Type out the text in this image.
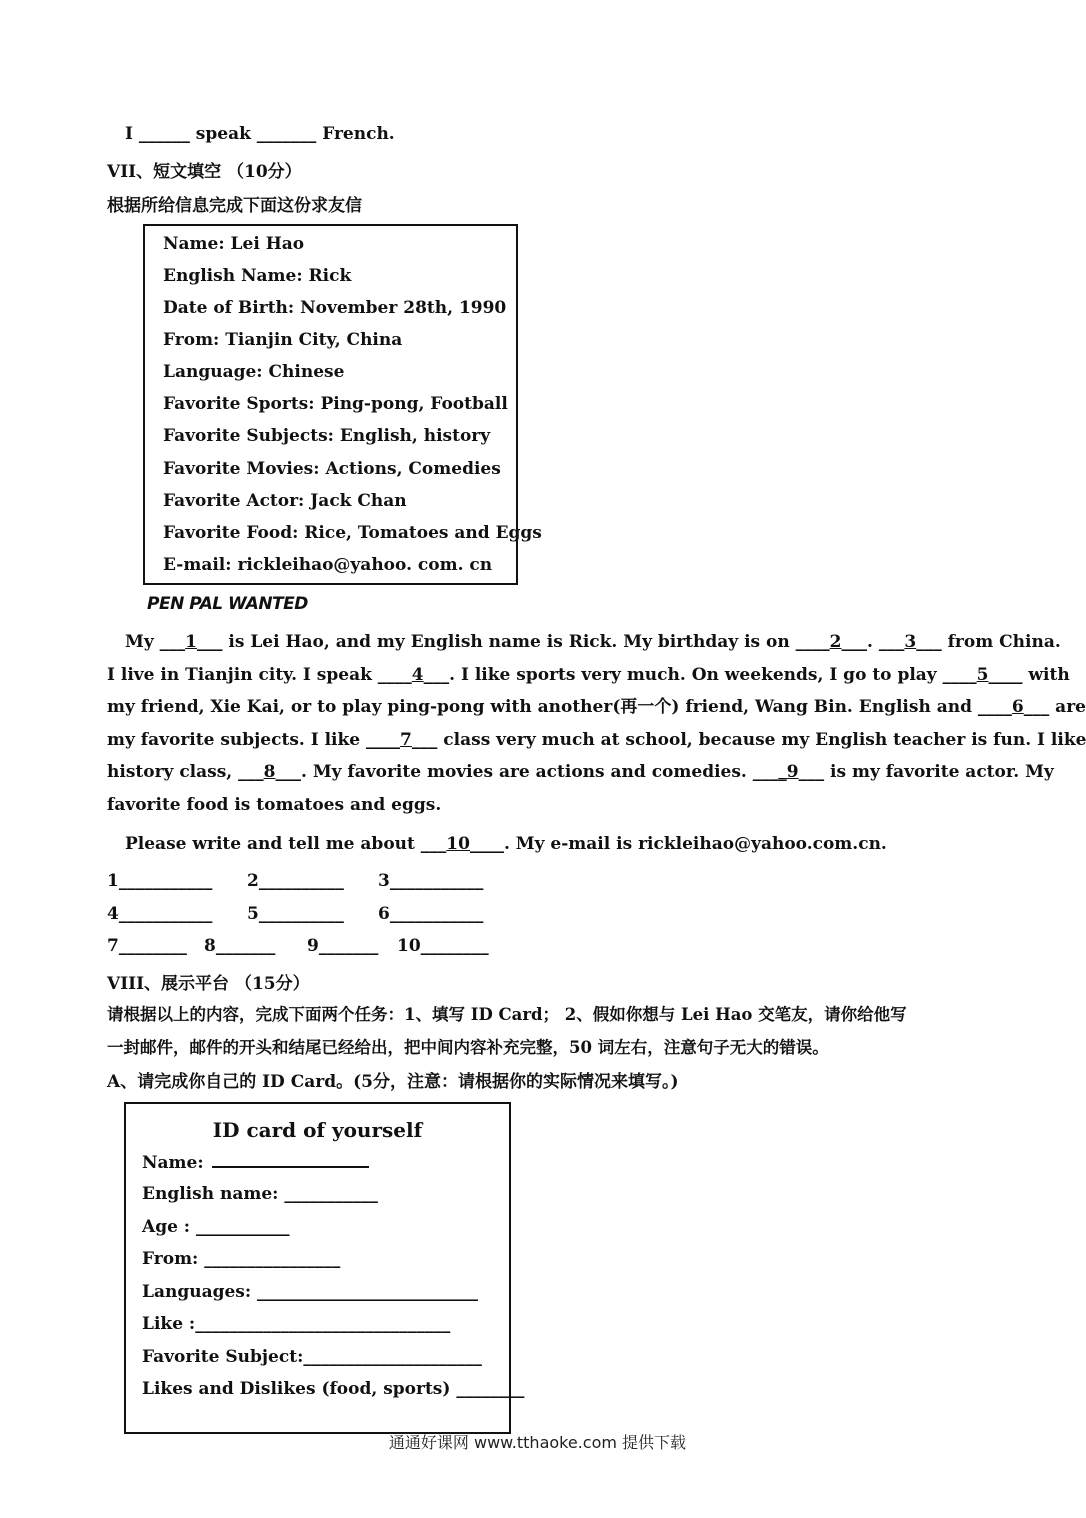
I ______ speak _______ French.
VII、短文填空 （10分）
根据所给信息完成下面这份求友信
Name: Lei Hao
English Name: Rick
Date of Birth: November 28th, 1990
From: Tianjin City, China
Language: Chinese
Favorite Sports: Ping-pong, Football
Favorite Subjects: English, history
Favorite Movies: Actions, Comedies
Favorite Actor: Jack Chan
Favorite Food: Rice, Tomatoes and Eggs
E-mail: rickleihao@yahoo. com. cn
PEN PAL WANTED
My ___1___ is Lei Hao, and my English name is Rick. My birthday is on ____2___. ___3___ from China.
I live in Tianjin city. I speak ____4___. I like sports very much. On weekends, I go to play ____5____ with
my friend, Xie Kai, or to play ping-pong with another(再一个) friend, Wang Bin. English and ____6___ are
my favorite subjects. I like ____7___ class very much at school, because my English teacher is fun. I like
history class, ___8___. My favorite movies are actions and comedies. ____9___ is my favorite actor. My
favorite food is tomatoes and eggs.
Please write and tell me about ___10____. My e-mail is rickleihao@yahoo.com.cn.
1___________ 2__________ 3___________
4___________ 5__________ 6___________
7________ 8_______ 9_______ 10________
VIII、展示平台 （15分）
请根据以上的内容，完成下面两个任务：1、填写 ID Card； 2、假如你想与 Lei Hao 交笔友，请你给他写
一封邮件，邮件的开头和结尾已经给出，把中间内容补充完整，50 词左右，注意句子无大的错误。
A、请完成你自己的 ID Card。(5分，注意：请根据你的实际情况来填写。)
ID card of yourself
Name:
English name: ___________
Age : ___________
From: ________________
Languages: __________________________
Like :______________________________
Favorite Subject:_____________________
Likes and Dislikes (food, sports) ________
通通好课网 www.tthaoke.com 提供下载
